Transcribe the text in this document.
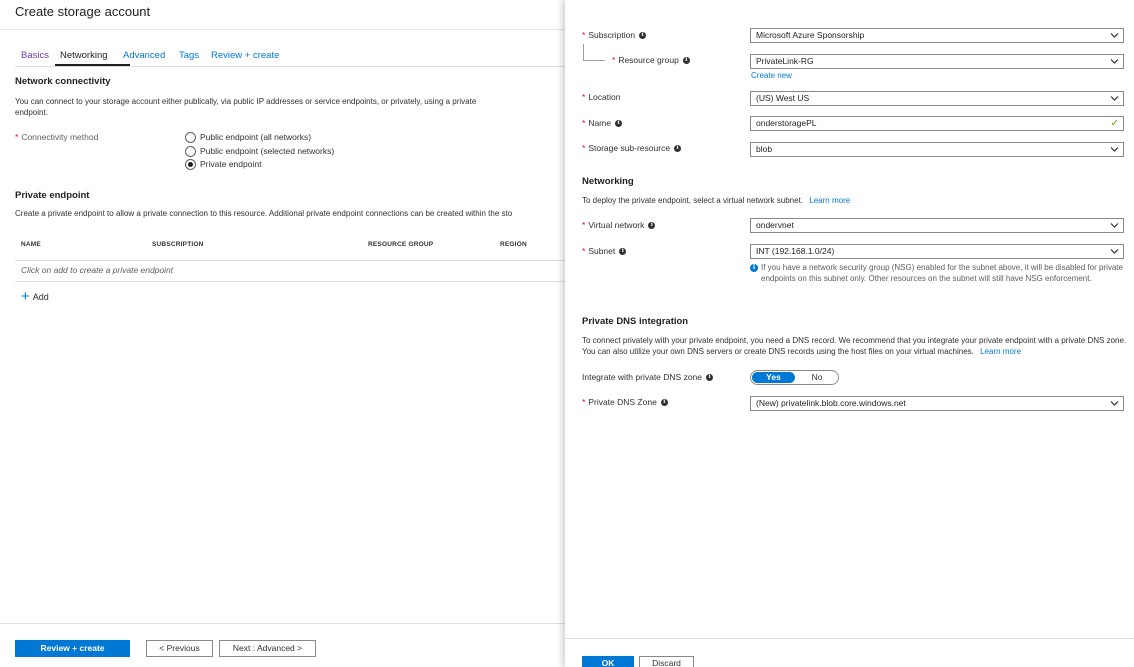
Create storage account
Basics Networking Advanced Tags Review + create
Network connectivity
You can connect to your storage account either publically, via public IP addresses or service endpoints, or privately, using a private endpoint.
* Connectivity method	Public endpoint (all networks)
Public endpoint (selected networks)
Private endpoint
Private endpoint
Create a private endpoint to allow a private connection to this resource. Additional private endpoint connections can be created within the sto
NAME	SUBSCRIPTION	RESOURCE GROUP	REGION
Click on add to create a private endpoint
+ Add
Review + create	< Previous	Next : Advanced >
* Subscription	i	Microsoft Azure Sponsorship
* Resource group	i	PrivateLink-RG
Create new
* Location	(US) West US
* Name	i	onderstoragePL	✓
* Storage sub-resource	i	blob
Networking
To deploy the private endpoint, select a virtual network subnet. Learn more
* Virtual network	i	ondervnet
* Subnet	i	INT (192.168.1.0/24)
i If you have a network security group (NSG) enabled for the subnet above, it will be disabled for private endpoints on this subnet only. Other resources on the subnet will still have NSG enforcement.
Private DNS integration
To connect privately with your private endpoint, you need a DNS record. We recommend that you integrate your private endpoint with a private DNS zone. You can also utilize your own DNS servers or create DNS records using the host files on your virtual machines. Learn more
Integrate with private DNS zone	i	Yes	No
* Private DNS Zone	i	(New) privatelink.blob.core.windows.net
OK	Discard
